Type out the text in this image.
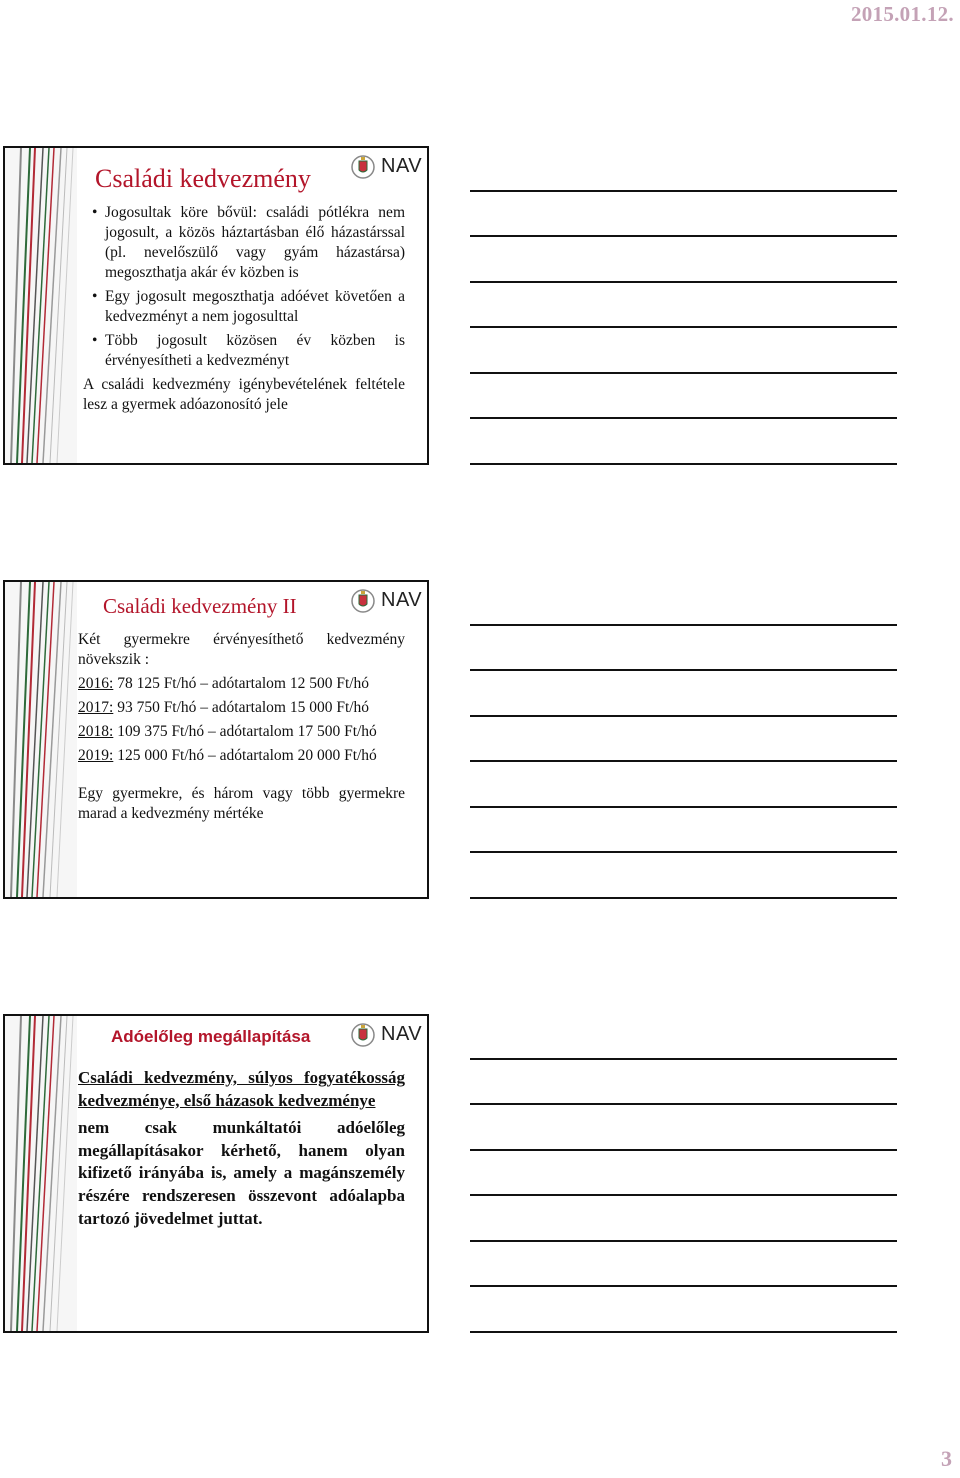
2015.01.12.
NAV
Családi kedvezmény
• Jogosultak köre bővül: családi pótlékra nem jogosult, a közös háztartásban élő házastárssal (pl. nevelőszülő vagy gyám házastársa) megoszthatja akár év közben is
• Egy jogosult megoszthatja adóévet követően a kedvezményt a nem jogosulttal
• Több jogosult közösen év közben is érvényesítheti a kedvezményt

A családi kedvezmény igénybevételének feltétele lesz a gyermek adóazonosító jele

NAV
Családi kedvezmény II

Két gyermekre érvényesíthető kedvezmény növekszik :

2016: 78 125 Ft/hó – adótartalom 12 500 Ft/hó

2017: 93 750 Ft/hó – adótartalom 15 000 Ft/hó

2018: 109 375 Ft/hó – adótartalom 17 500 Ft/hó

2019: 125 000 Ft/hó – adótartalom 20 000 Ft/hó

Egy gyermekre, és három vagy több gyermekre marad a kedvezmény mértéke

NAV
Adóelőleg megállapítása

Családi kedvezmény, súlyos fogyatékosság kedvezménye, első házasok kedvezménye

nem csak munkáltatói adóelőleg megállapításakor kérhető, hanem olyan kifizető irányába is, amely a magánszemély részére rendszeresen összevont adóalapba tartozó jövedelmet juttat.

3
